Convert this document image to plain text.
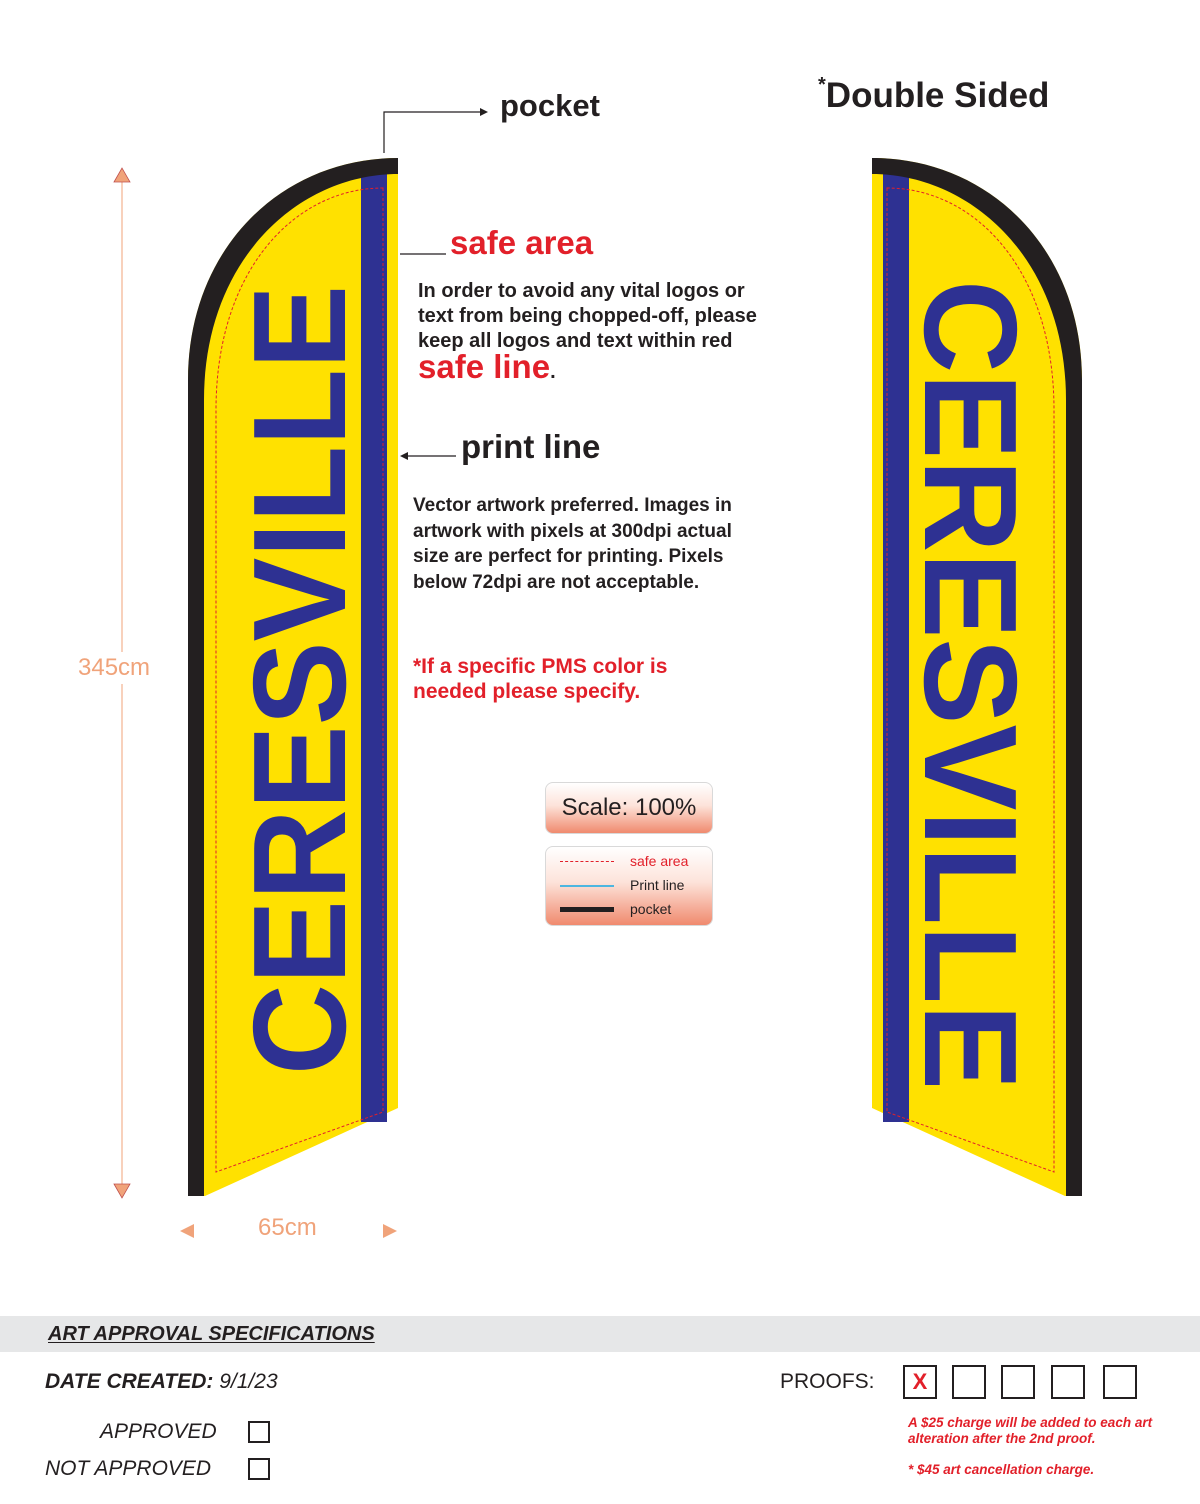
CERESVILLE	CERESVILLE
pocket
*Double Sided
safe area
In order to avoid any vital logos or text from being chopped-off, please keep all logos and text within red safe line.
print line
Vector artwork preferred. Images in artwork with pixels at 300dpi actual size are perfect for printing. Pixels below 72dpi are not acceptable.
*If a specific PMS color is needed please specify.
345cm
65cm
Scale: 100%
safe area
Print line
pocket
ART APPROVAL SPECIFICATIONS
DATE CREATED: 9/1/23
APPROVED
NOT APPROVED
PROOFS:	X
A $25 charge will be added to each art alteration after the 2nd proof.
* $45 art cancellation charge.
